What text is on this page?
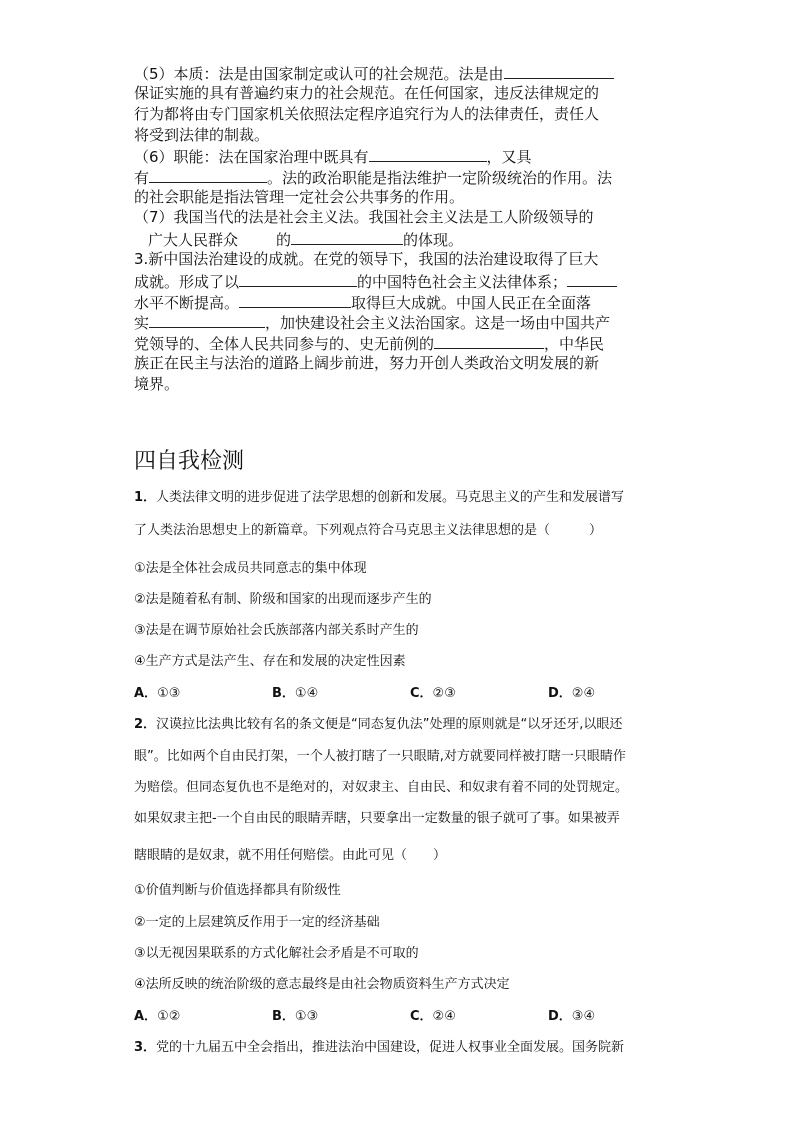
（5）本质：法是由国家制定或认可的社会规范。法是由
保证实施的具有普遍约束力的社会规范。在任何国家，违反法律规定的
行为都将由专门国家机关依照法定程序追究行为人的法律责任，责任人
将受到法律的制裁。
（6）职能：法在国家治理中既具有	，又具
有	。法的政治职能是指法维护一定阶级统治的作用。法
的社会职能是指法管理一定社会公共事务的作用。
（7）我国当代的法是社会主义法。我国社会主义法是工人阶级领导的
广大人民群众	的	的体现。
3.新中国法治建设的成就。在党的领导下，我国的法治建设取得了巨大
成就。形成了以	的中国特色社会主义法律体系；
水平不断提高。	取得巨大成就。中国人民正在全面落
实	，加快建设社会主义法治国家。这是一场由中国共产
党领导的、全体人民共同参与的、史无前例的	，中华民
族正在民主与法治的道路上阔步前进，努力开创人类政治文明发展的新
境界。
四自我检测
1．人类法律文明的进步促进了法学思想的创新和发展。马克思主义的产生和发展谱写
了人类法治思想史上的新篇章。下列观点符合马克思主义法律思想的是（　　　）
①法是全体社会成员共同意志的集中体现
②法是随着私有制、阶级和国家的出现而逐步产生的
③法是在调节原始社会氏族部落内部关系时产生的
④生产方式是法产生、存在和发展的决定性因素
A．①③	B．①④	C．②③	D．②④
2．汉谟拉比法典比较有名的条文便是“同态复仇法”处理的原则就是“以牙还牙,以眼还
眼”。比如两个自由民打架，一个人被打瞎了一只眼睛,对方就要同样被打瞎一只眼睛作
为赔偿。但同态复仇也不是绝对的，对奴隶主、自由民、和奴隶有着不同的处罚规定。
如果奴隶主把-一个自由民的眼睛弄瞎，只要拿出一定数量的银子就可了事。如果被弄
瞎眼睛的是奴隶，就不用任何赔偿。由此可见（　　）
①价值判断与价值选择都具有阶级性
②一定的上层建筑反作用于一定的经济基础
③以无视因果联系的方式化解社会矛盾是不可取的
④法所反映的统治阶级的意志最终是由社会物质资料生产方式决定
A．①②	B．①③	C．②④	D．③④
3．党的十九届五中全会指出，推进法治中国建设，促进人权事业全面发展。国务院新
